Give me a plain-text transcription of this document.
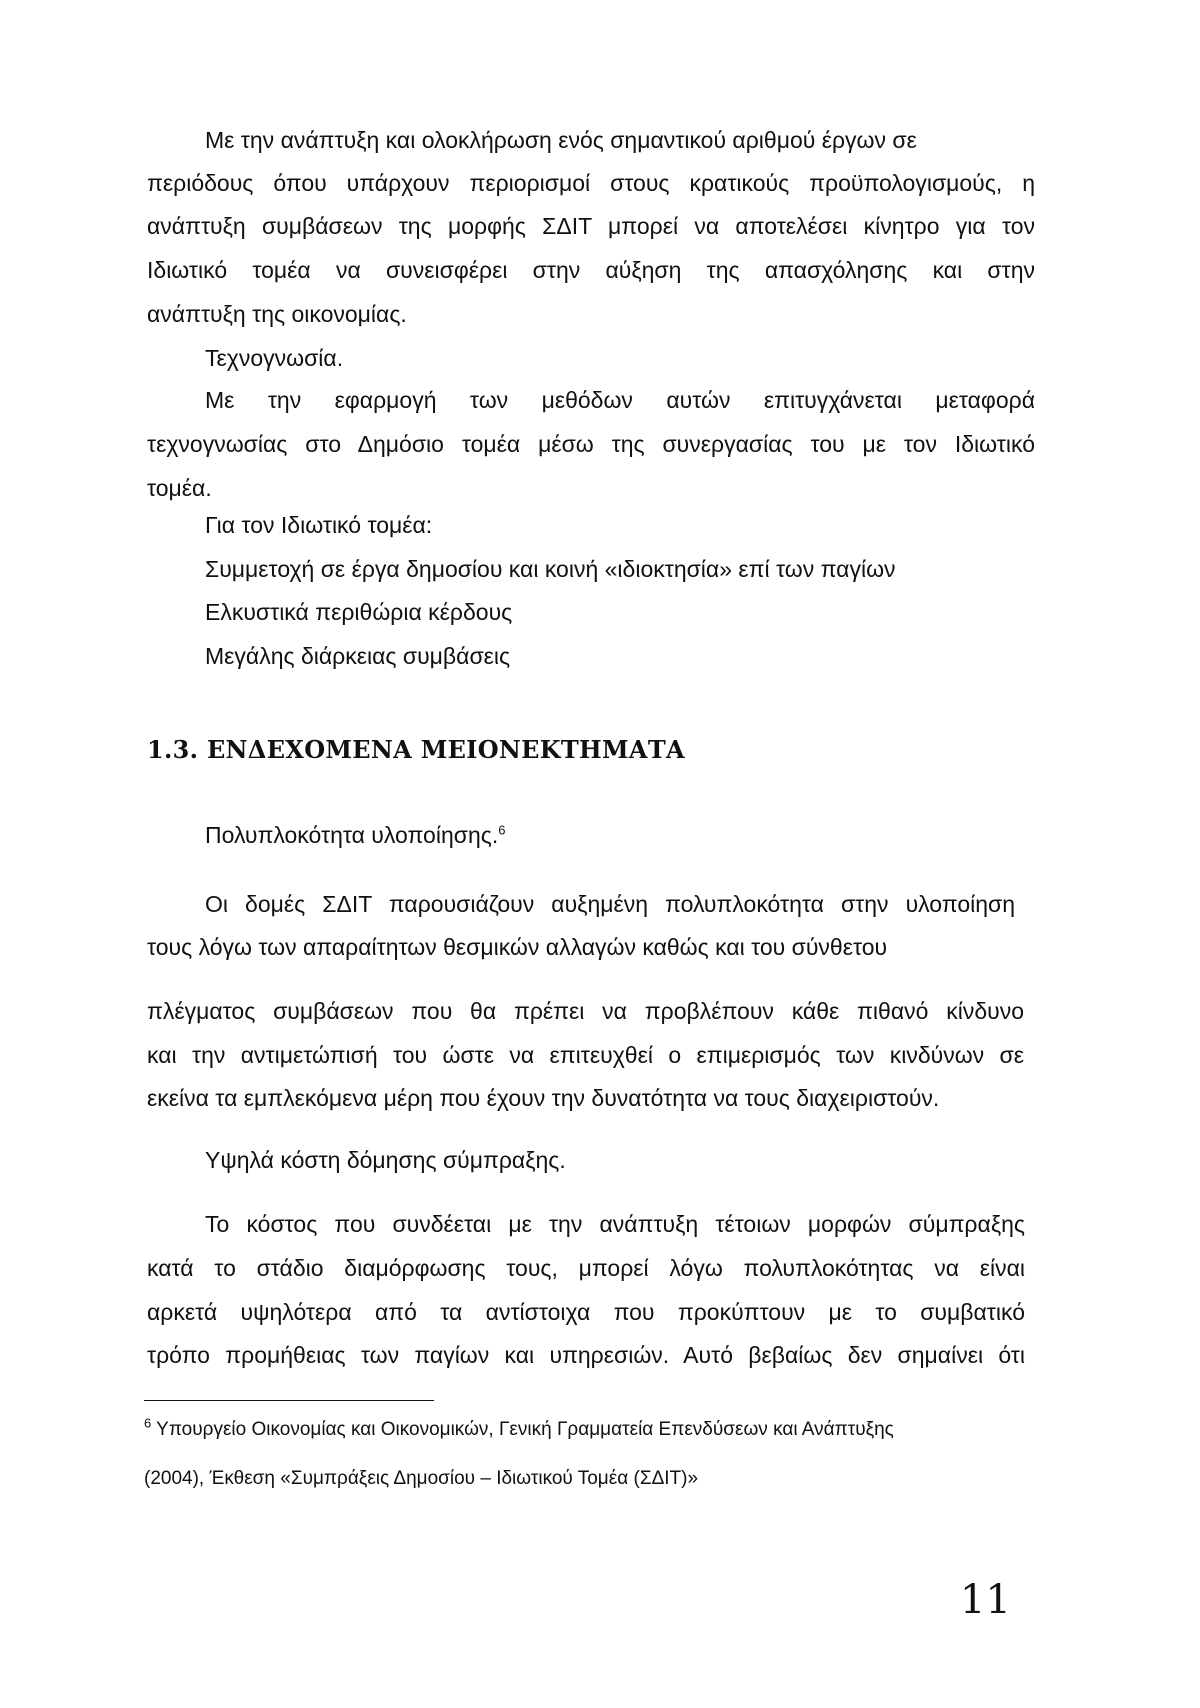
Με την ανάπτυξη και ολοκλήρωση ενός σημαντικού αριθμού έργων σε
περιόδους όπου υπάρχουν περιορισμοί στους κρατικούς προϋπολογισμούς, η
ανάπτυξη συμβάσεων της μορφής ΣΔΙΤ μπορεί να αποτελέσει κίνητρο για τον
Ιδιωτικό τομέα να συνεισφέρει στην αύξηση της απασχόλησης και στην
ανάπτυξη της οικονομίας.
Τεχνογνωσία.
Με την εφαρμογή των μεθόδων αυτών επιτυγχάνεται μεταφορά
τεχνογνωσίας στο Δημόσιο τομέα μέσω της συνεργασίας του με τον Ιδιωτικό
τομέα.
Για τον Ιδιωτικό τομέα:
Συμμετοχή σε έργα δημοσίου και κοινή «ιδιοκτησία» επί των παγίων
Ελκυστικά περιθώρια κέρδους
Μεγάλης διάρκειας συμβάσεις
1.3. ΕΝΔΕΧΟΜΕΝΑ ΜΕΙΟΝΕΚΤΗΜΑΤΑ
Πολυπλοκότητα υλοποίησης.$^6$
Οι δομές ΣΔΙΤ παρουσιάζουν αυξημένη πολυπλοκότητα στην υλοποίηση
τους λόγω των απαραίτητων θεσμικών αλλαγών καθώς και του σύνθετου
πλέγματος συμβάσεων που θα πρέπει να προβλέπουν κάθε πιθανό κίνδυνο
και την αντιμετώπισή του ώστε να επιτευχθεί ο επιμερισμός των κινδύνων σε
εκείνα τα εμπλεκόμενα μέρη που έχουν την δυνατότητα να τους διαχειριστούν.
Υψηλά κόστη δόμησης σύμπραξης.
Το κόστος που συνδέεται με την ανάπτυξη τέτοιων μορφών σύμπραξης
κατά το στάδιο διαμόρφωσης τους, μπορεί λόγω πολυπλοκότητας να είναι
αρκετά υψηλότερα από τα αντίστοιχα που προκύπτουν με το συμβατικό
τρόπο προμήθειας των παγίων και υπηρεσιών. Αυτό βεβαίως δεν σημαίνει ότι
$^6$ Υπουργείο Οικονομίας και Οικονομικών, Γενική Γραμματεία Επενδύσεων και Ανάπτυξης
(2004), Έκθεση «Συμπράξεις Δημοσίου – Ιδιωτικού Τομέα (ΣΔΙΤ)»
11
